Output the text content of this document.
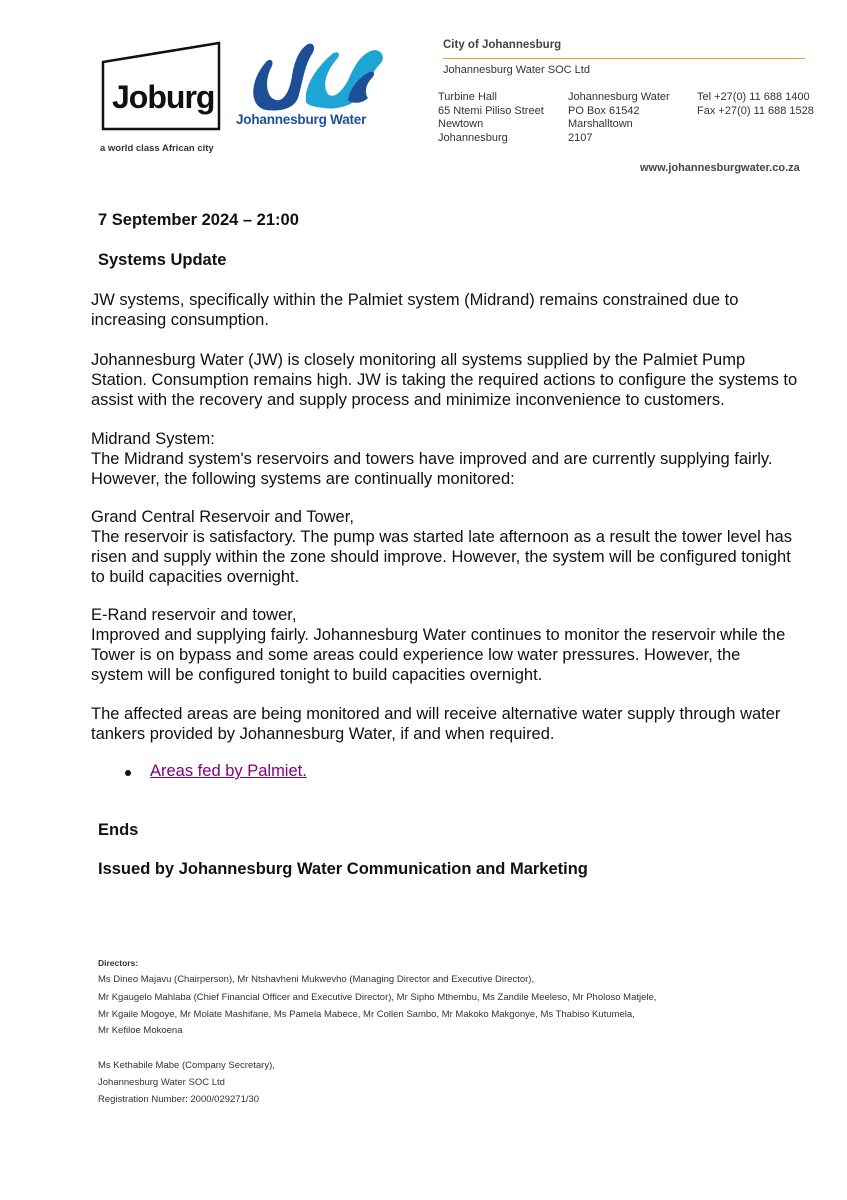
Joburg
a world class African city
Johannesburg Water
City of Johannesburg
Johannesburg Water SOC Ltd
Turbine Hall
65 Ntemi Piliso Street
Newtown
Johannesburg
Johannesburg Water
PO Box 61542
Marshalltown
2107
Tel +27(0) 11 688 1400
Fax +27(0) 11 688 1528
www.johannesburgwater.co.za
7 September 2024 – 21:00
Systems Update
JW systems, specifically within the Palmiet system (Midrand) remains constrained due to
increasing consumption.
Johannesburg Water (JW) is closely monitoring all systems supplied by the Palmiet Pump
Station. Consumption remains high. JW is taking the required actions to configure the systems to
assist with the recovery and supply process and minimize inconvenience to customers.
Midrand System:
The Midrand system's reservoirs and towers have improved and are currently supplying fairly.
However, the following systems are continually monitored:
Grand Central Reservoir and Tower,
The reservoir is satisfactory. The pump was started late afternoon as a result the tower level has
risen and supply within the zone should improve. However, the system will be configured tonight
to build capacities overnight.
E-Rand reservoir and tower,
Improved and supplying fairly. Johannesburg Water continues to monitor the reservoir while the
Tower is on bypass and some areas could experience low water pressures. However, the
system will be configured tonight to build capacities overnight.
The affected areas are being monitored and will receive alternative water supply through water
tankers provided by Johannesburg Water, if and when required.
Areas fed by Palmiet.
Ends
Issued by Johannesburg Water Communication and Marketing
Directors:
Ms Dineo Majavu (Chairperson), Mr Ntshavheni Mukwevho (Managing Director and Executive Director),
Mr Kgaugelo Mahlaba (Chief Financial Officer and Executive Director), Mr Sipho Mthembu, Ms Zandile Meeleso, Mr Pholoso Matjele,
Mr Kgaile Mogoye, Mr Molate Mashifane, Ms Pamela Mabece, Mr Collen Sambo, Mr Makoko Makgonye, Ms Thabiso Kutumela,
Mr Kefiloe Mokoena
Ms Kethabile Mabe (Company Secretary),
Johannesburg Water SOC Ltd
Registration Number: 2000/029271/30
